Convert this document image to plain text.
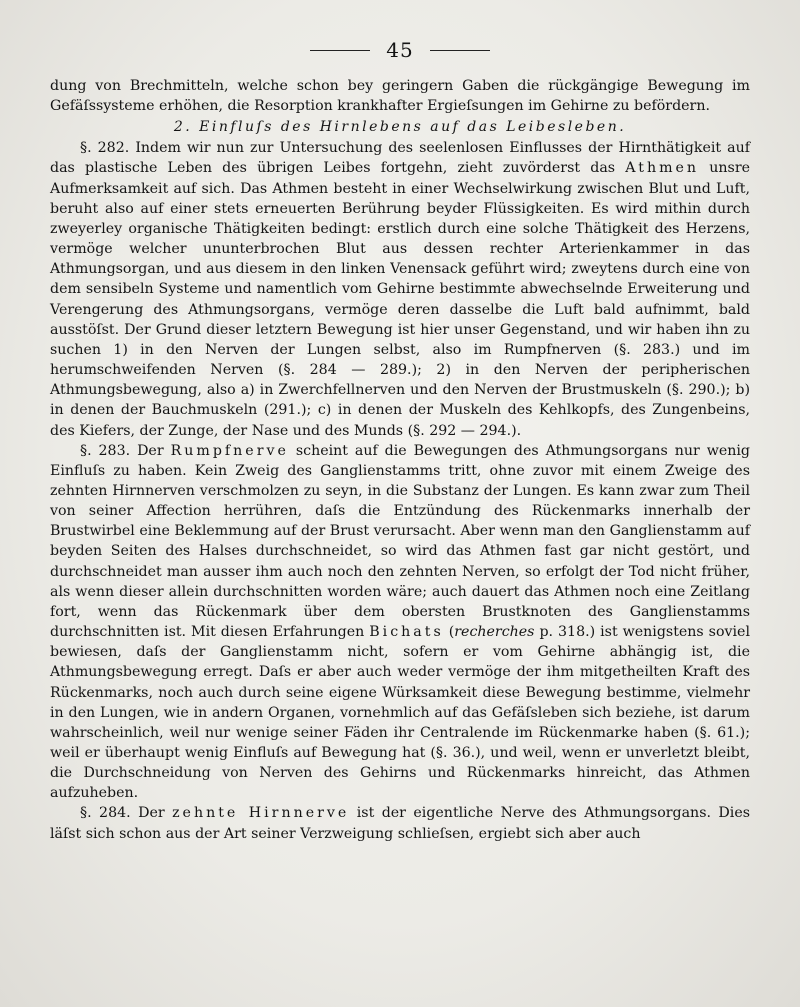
45

dung von Brechmitteln, welche schon bey geringern Gaben die rückgängige Bewegung im Gefäſssysteme erhöhen, die Resorption krankhafter Ergieſsungen im Gehirne zu befördern.

2. Einfluſs des Hirnlebens auf das Leibesleben.

§. 282. Indem wir nun zur Untersuchung des seelenlosen Einflusses der Hirnthätigkeit auf das plastische Leben des übrigen Leibes fortgehn, zieht zuvörderst das Athmen unsre Aufmerksamkeit auf sich. Das Athmen besteht in einer Wechselwirkung zwischen Blut und Luft, beruht also auf einer stets erneuerten Berührung beyder Flüssigkeiten. Es wird mithin durch zweyerley organische Thätigkeiten bedingt: erstlich durch eine solche Thätigkeit des Herzens, vermöge welcher ununterbrochen Blut aus dessen rechter Arterienkammer in das Athmungsorgan, und aus diesem in den linken Venensack geführt wird; zweytens durch eine von dem sensibeln Systeme und namentlich vom Gehirne bestimmte abwechselnde Erweiterung und Verengerung des Athmungsorgans, vermöge deren dasselbe die Luft bald aufnimmt, bald ausstöſst. Der Grund dieser letztern Bewegung ist hier unser Gegenstand, und wir haben ihn zu suchen 1) in den Nerven der Lungen selbst, also im Rumpfnerven (§. 283.) und im herumschweifenden Nerven (§. 284 — 289.); 2) in den Nerven der peripherischen Athmungsbewegung, also a) in Zwerchfellnerven und den Nerven der Brustmuskeln (§. 290.); b) in denen der Bauchmuskeln (291.); c) in denen der Muskeln des Kehlkopfs, des Zungenbeins, des Kiefers, der Zunge, der Nase und des Munds (§. 292 — 294.).

§. 283. Der Rumpfnerve scheint auf die Bewegungen des Athmungsorgans nur wenig Einfluſs zu haben. Kein Zweig des Ganglienstamms tritt, ohne zuvor mit einem Zweige des zehnten Hirnnerven verschmolzen zu seyn, in die Substanz der Lungen. Es kann zwar zum Theil von seiner Affection herrühren, daſs die Entzündung des Rückenmarks innerhalb der Brustwirbel eine Beklemmung auf der Brust verursacht. Aber wenn man den Ganglienstamm auf beyden Seiten des Halses durchschneidet, so wird das Athmen fast gar nicht gestört, und durchschneidet man ausser ihm auch noch den zehnten Nerven, so erfolgt der Tod nicht früher, als wenn dieser allein durchschnitten worden wäre; auch dauert das Athmen noch eine Zeitlang fort, wenn das Rückenmark über dem obersten Brustknoten des Ganglienstamms durchschnitten ist. Mit diesen Erfahrungen Bichats (recherches p. 318.) ist wenigstens soviel bewiesen, daſs der Ganglienstamm nicht, sofern er vom Gehirne abhängig ist, die Athmungsbewegung erregt. Daſs er aber auch weder vermöge der ihm mitgetheilten Kraft des Rückenmarks, noch auch durch seine eigene Würksamkeit diese Bewegung bestimme, vielmehr in den Lungen, wie in andern Organen, vornehmlich auf das Gefäſsleben sich beziehe, ist darum wahrscheinlich, weil nur wenige seiner Fäden ihr Centralende im Rückenmarke haben (§. 61.); weil er überhaupt wenig Einfluſs auf Bewegung hat (§. 36.), und weil, wenn er unverletzt bleibt, die Durchschneidung von Nerven des Gehirns und Rückenmarks hinreicht, das Athmen aufzuheben.

§. 284. Der zehnte Hirnnerve ist der eigentliche Nerve des Athmungsorgans. Dies läſst sich schon aus der Art seiner Verzweigung schlieſsen, ergiebt sich aber auch
